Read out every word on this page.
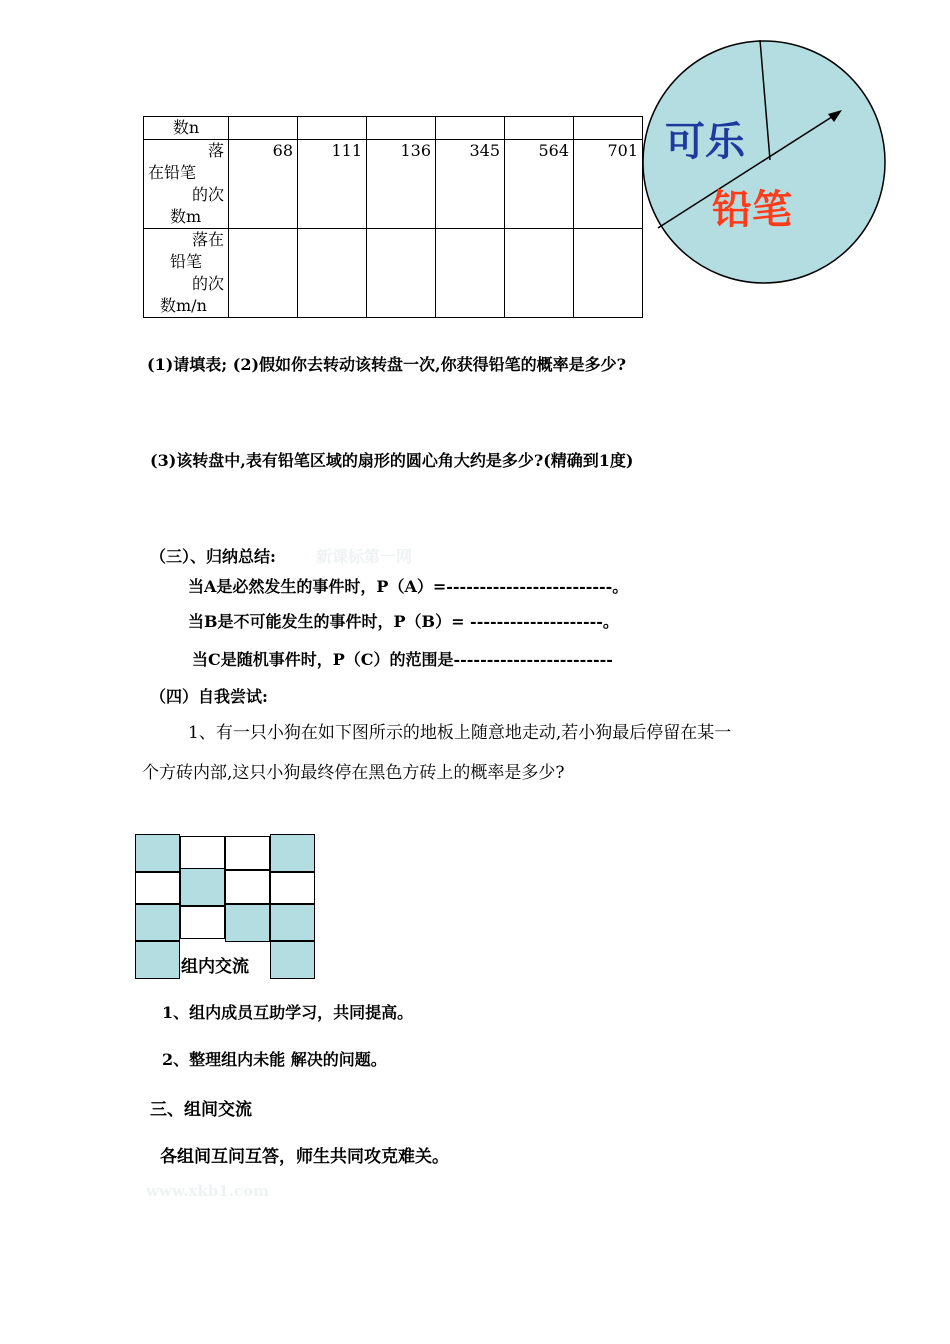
数n						

落
在铅笔
的次
数m	68	111	136	345	564	701

落在
铅笔
的次
数m/n						

可乐
铅笔
(1)请填表; (2)假如你去转动该转盘一次,你获得铅笔的概率是多少?
(3)该转盘中,表有铅笔区域的扇形的圆心角大约是多少?(精确到1度)
（三）、归纳总结:	新课标第一网
当A是必然发生的事件时，P（A）=-------------------------。
当B是不可能发生的事件时，P（B）= --------------------。
当C是随机事件时，P（C）的范围是------------------------
（四）自我尝试:
1、有一只小狗在如下图所示的地板上随意地走动,若小狗最后停留在某一
个方砖内部,这只小狗最终停在黑色方砖上的概率是多少?
组内交流
1、组内成员互助学习，共同提高。
2、整理组内未能 解决的问题。
三、组间交流
各组间互问互答，师生共同攻克难关。
www.xkb1.com
